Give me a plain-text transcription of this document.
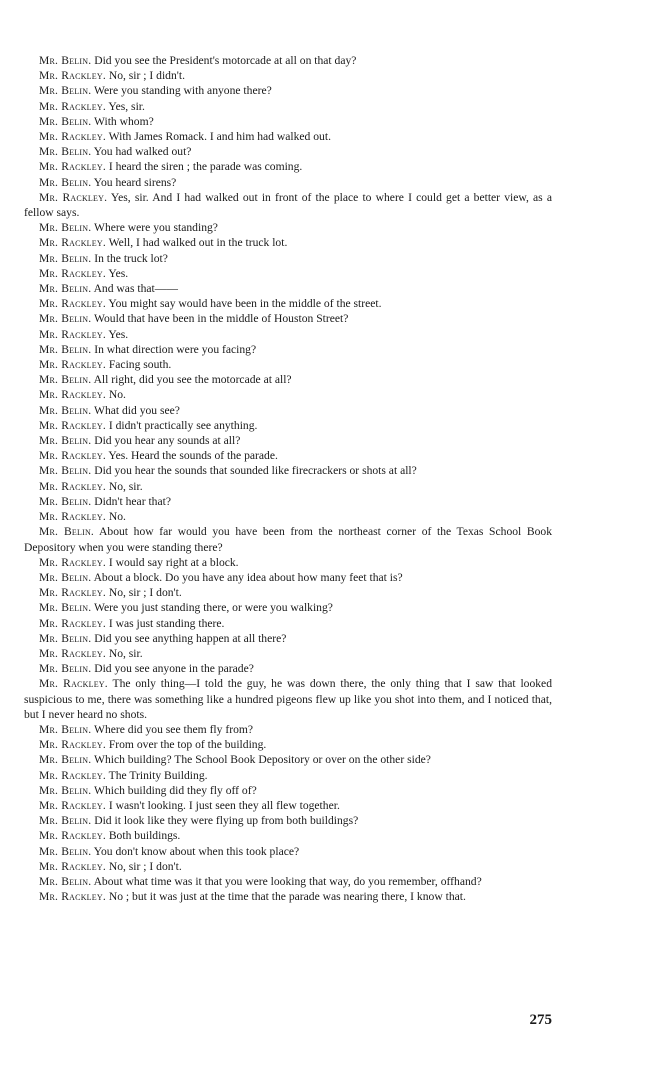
Mr. Belin. Did you see the President's motorcade at all on that day?

Mr. Rackley. No, sir ; I didn't.

Mr. Belin. Were you standing with anyone there?

Mr. Rackley. Yes, sir.

Mr. Belin. With whom?

Mr. Rackley. With James Romack. I and him had walked out.

Mr. Belin. You had walked out?

Mr. Rackley. I heard the siren ; the parade was coming.

Mr. Belin. You heard sirens?

Mr. Rackley. Yes, sir. And I had walked out in front of the place to where I could get a better view, as a fellow says.

Mr. Belin. Where were you standing?

Mr. Rackley. Well, I had walked out in the truck lot.

Mr. Belin. In the truck lot?

Mr. Rackley. Yes.

Mr. Belin. And was that——

Mr. Rackley. You might say would have been in the middle of the street.

Mr. Belin. Would that have been in the middle of Houston Street?

Mr. Rackley. Yes.

Mr. Belin. In what direction were you facing?

Mr. Rackley. Facing south.

Mr. Belin. All right, did you see the motorcade at all?

Mr. Rackley. No.

Mr. Belin. What did you see?

Mr. Rackley. I didn't practically see anything.

Mr. Belin. Did you hear any sounds at all?

Mr. Rackley. Yes. Heard the sounds of the parade.

Mr. Belin. Did you hear the sounds that sounded like firecrackers or shots at all?

Mr. Rackley. No, sir.

Mr. Belin. Didn't hear that?

Mr. Rackley. No.

Mr. Belin. About how far would you have been from the northeast corner of the Texas School Book Depository when you were standing there?

Mr. Rackley. I would say right at a block.

Mr. Belin. About a block. Do you have any idea about how many feet that is?

Mr. Rackley. No, sir ; I don't.

Mr. Belin. Were you just standing there, or were you walking?

Mr. Rackley. I was just standing there.

Mr. Belin. Did you see anything happen at all there?

Mr. Rackley. No, sir.

Mr. Belin. Did you see anyone in the parade?

Mr. Rackley. The only thing—I told the guy, he was down there, the only thing that I saw that looked suspicious to me, there was something like a hundred pigeons flew up like you shot into them, and I noticed that, but I never heard no shots.

Mr. Belin. Where did you see them fly from?

Mr. Rackley. From over the top of the building.

Mr. Belin. Which building? The School Book Depository or over on the other side?

Mr. Rackley. The Trinity Building.

Mr. Belin. Which building did they fly off of?

Mr. Rackley. I wasn't looking. I just seen they all flew together.

Mr. Belin. Did it look like they were flying up from both buildings?

Mr. Rackley. Both buildings.

Mr. Belin. You don't know about when this took place?

Mr. Rackley. No, sir ; I don't.

Mr. Belin. About what time was it that you were looking that way, do you remember, offhand?

Mr. Rackley. No ; but it was just at the time that the parade was nearing there, I know that.

275
